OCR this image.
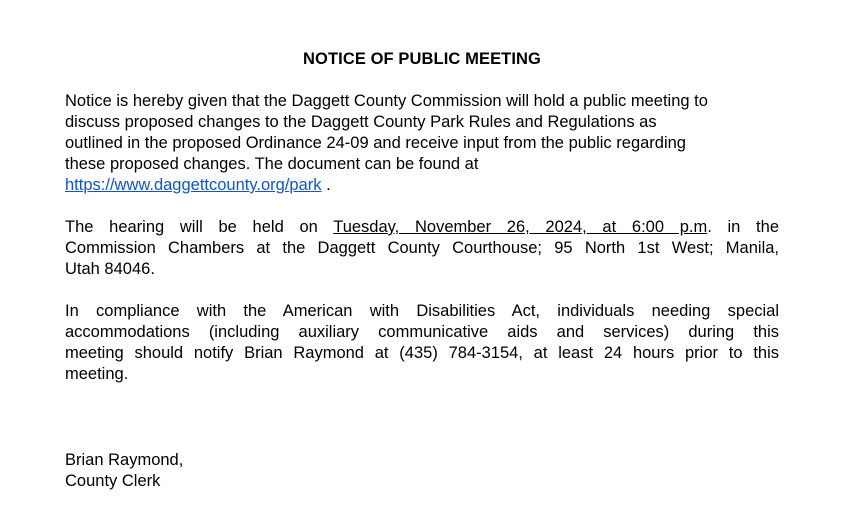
NOTICE OF PUBLIC MEETING
Notice is hereby given that the Daggett County Commission will hold a public meeting to
discuss proposed changes to the Daggett County Park Rules and Regulations as
outlined in the proposed Ordinance 24-09 and receive input from the public regarding
these proposed changes. The document can be found at
https://www.daggettcounty.org/park .
The hearing will be held on Tuesday, November 26, 2024, at 6:00 p.m. in the
Commission Chambers at the Daggett County Courthouse; 95 North 1st West; Manila,
Utah 84046.
In compliance with the American with Disabilities Act, individuals needing special
accommodations (including auxiliary communicative aids and services) during this
meeting should notify Brian Raymond at (435) 784-3154, at least 24 hours prior to this
meeting.
Brian Raymond,
County Clerk
